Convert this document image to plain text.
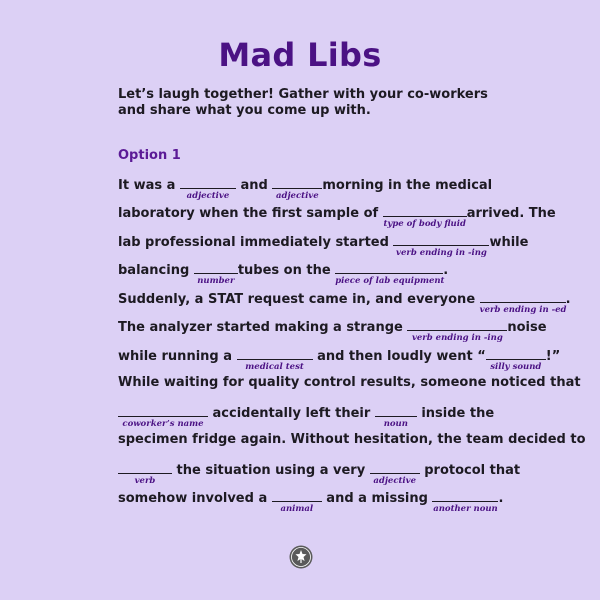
Mad Libs
Let’s laugh together! Gather with your co-workers and share what you come up with.
Option 1
It was a
adjective
and
adjective
morning in the medical
laboratory when the first sample of
type of body fluid
arrived. The
lab professional immediately started
verb ending in -ing
while
balancing
number
tubes on the
piece of lab equipment
.
Suddenly, a STAT request came in, and everyone
verb ending in -ed
.
The analyzer started making a strange
verb ending in -ing
noise
while running a
medical test
and then loudly went “
silly sound
!”
While waiting for quality control results, someone noticed that
coworker’s name
accidentally left their
noun
inside the
specimen fridge again. Without hesitation, the team decided to
verb
the situation using a very
adjective
protocol that
somehow involved a
animal
and a missing
another noun
.
